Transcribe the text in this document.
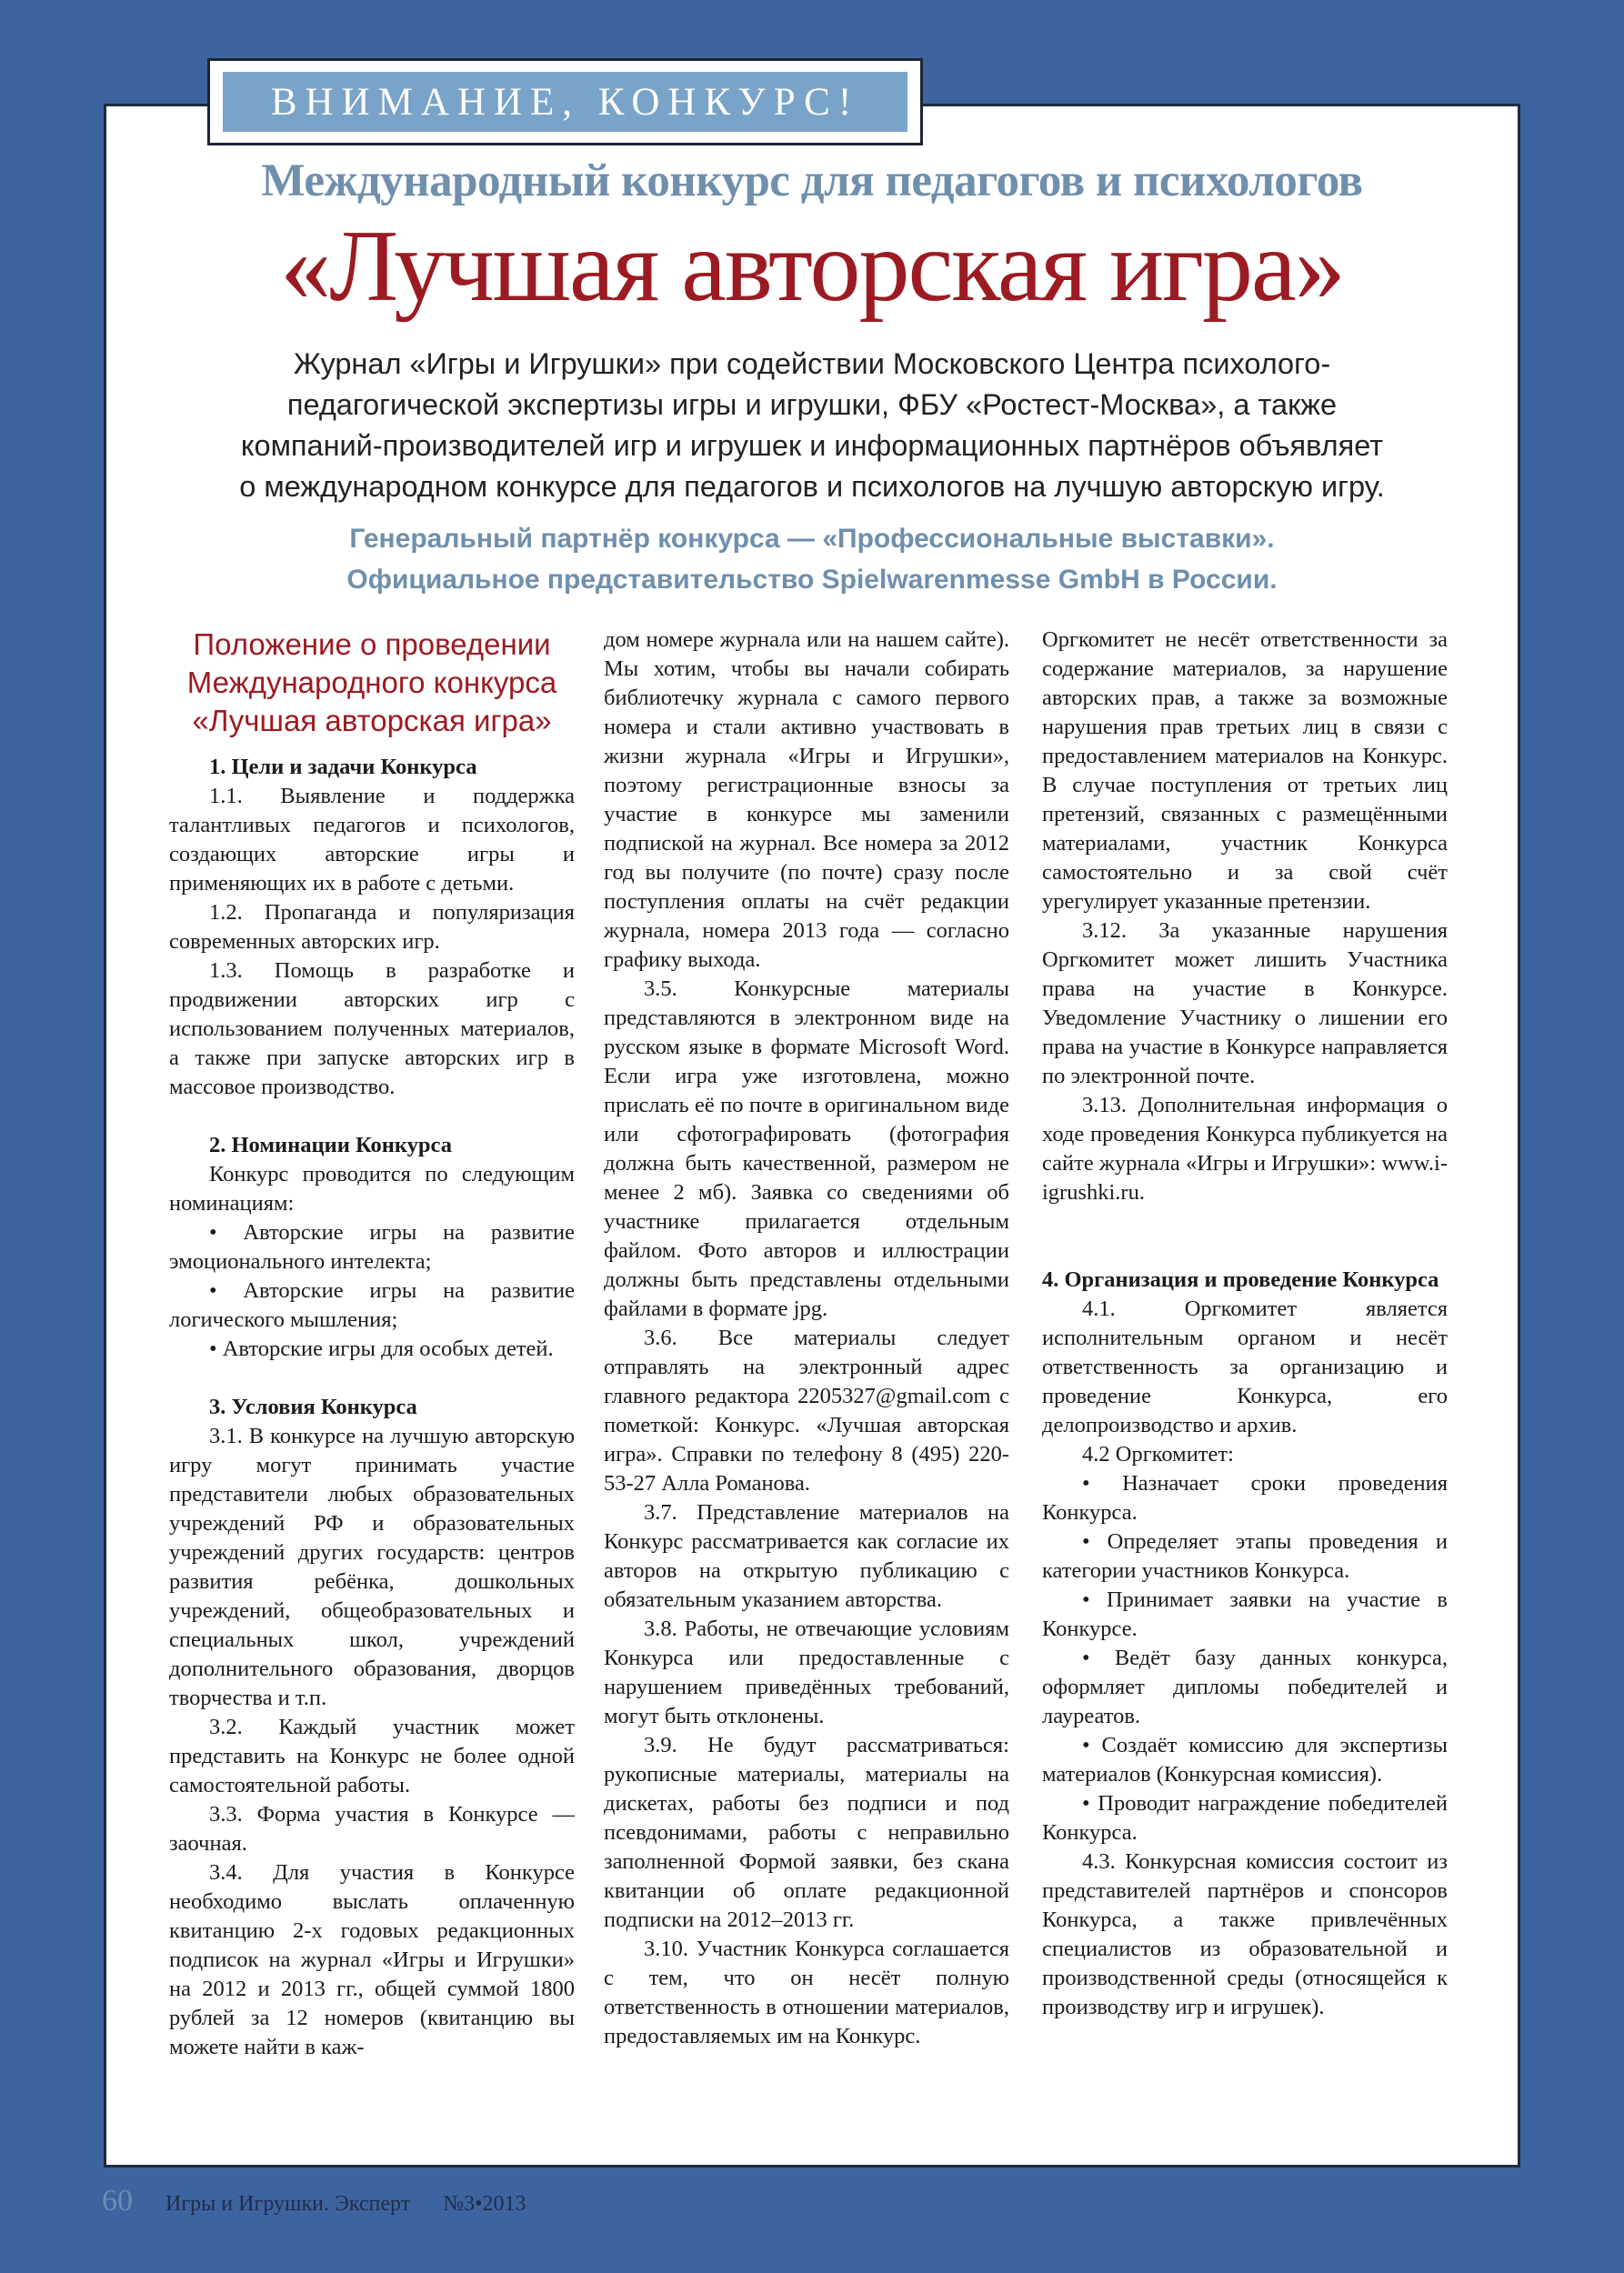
ВНИМАНИЕ, КОНКУРС!
Международный конкурс для педагогов и психологов
«Лучшая авторская игра»
Журнал «Игры и Игрушки» при содействии Московского Центра психолого-
педагогической экспертизы игры и игрушки, ФБУ «Ростест-Москва», а также
компаний-производителей игр и игрушек и информационных партнёров объявляет
о международном конкурсе для педагогов и психологов на лучшую авторскую игру.
Генеральный партнёр конкурса — «Профессиональные выставки».
Официальное представительство Spielwarenmesse GmbH в России.
Положение о проведении Международного конкурса «Лучшая авторская игра»
1. Цели и задачи Конкурса

1.1. Выявление и поддержка талантливых педагогов и психологов, создающих авторские игры и применяющих их в работе с детьми.

1.2. Пропаганда и популяризация современных авторских игр.

1.3. Помощь в разработке и продвижении авторских игр с использованием полученных материалов, а также при запуске авторских игр в массовое производство.

2. Номинации Конкурса

Конкурс проводится по следующим номинациям:

• Авторские игры на развитие эмоционального интелекта;

• Авторские игры на развитие логического мышления;

• Авторские игры для особых детей.

3. Условия Конкурса

3.1. В конкурсе на лучшую авторскую игру могут принимать участие представители любых образовательных учреждений РФ и образовательных учреждений других государств: центров развития ребёнка, дошкольных учреждений, общеобразовательных и специальных школ, учреждений дополнительного образования, дворцов творчества и т.п.

3.2. Каждый участник может представить на Конкурс не более одной самостоятельной работы.

3.3. Форма участия в Конкурсе — заочная.

3.4. Для участия в Конкурсе необходимо выслать оплаченную квитанцию 2-х годовых редакционных подписок на журнал «Игры и Игрушки» на 2012 и 2013 гг., общей суммой 1800 рублей за 12 номеров (квитанцию вы можете найти в каж-

дом номере журнала или на нашем сайте). Мы хотим, чтобы вы начали собирать библиотечку журнала с самого первого номера и стали активно участвовать в жизни журнала «Игры и Игрушки», поэтому регистрационные взносы за участие в конкурсе мы заменили подпиской на журнал. Все номера за 2012 год вы получите (по почте) сразу после поступления оплаты на счёт редакции журнала, номера 2013 года — согласно графику выхода.

3.5. Конкурсные материалы представляются в электронном виде на русском языке в формате Microsoft Word. Если игра уже изготовлена, можно прислать её по почте в оригинальном виде или сфотографировать (фотография должна быть качественной, размером не менее 2 мб). Заявка со сведениями об участнике прилагается отдельным файлом. Фото авторов и иллюстрации должны быть представлены отдельными файлами в формате jpg.

3.6. Все материалы следует отправлять на электронный адрес главного редактора 2205327@gmail.com с пометкой: Конкурс. «Лучшая авторская игра». Справки по телефону 8 (495) 220-53-27 Алла Романова.

3.7. Представление материалов на Конкурс рассматривается как согласие их авторов на открытую публикацию с обязательным указанием авторства.

3.8. Работы, не отвечающие условиям Конкурса или предоставленные с нарушением приведённых требований, могут быть отклонены.

3.9. Не будут рассматриваться: рукописные материалы, материалы на дискетах, работы без подписи и под псевдонимами, работы с неправильно заполненной Формой заявки, без скана квитанции об оплате редакционной подписки на 2012–2013 гг.

3.10. Участник Конкурса соглашается с тем, что он несёт полную ответственность в отношении материалов, предоставляемых им на Конкурс.

Оргкомитет не несёт ответственности за содержание материалов, за нарушение авторских прав, а также за возможные нарушения прав третьих лиц в связи с предоставлением материалов на Конкурс. В случае поступления от третьих лиц претензий, связанных с размещёнными материалами, участник Конкурса самостоятельно и за свой счёт урегулирует указанные претензии.

3.12. За указанные нарушения Оргкомитет может лишить Участника права на участие в Конкурсе. Уведомление Участнику о лишении его права на участие в Конкурсе направляется по электронной почте.

3.13. Дополнительная информация о ходе проведения Конкурса публикуется на сайте журнала «Игры и Игрушки»: www.i-igrushki.ru.

4. Организация и проведение Конкурса

4.1. Оргкомитет является исполнительным органом и несёт ответственность за организацию и проведение Конкурса, его делопроизводство и архив.

4.2 Оргкомитет:

• Назначает сроки проведения Конкурса.

• Определяет этапы проведения и категории участников Конкурса.

• Принимает заявки на участие в Конкурсе.

• Ведёт базу данных конкурса, оформляет дипломы победителей и лауреатов.

• Создаёт комиссию для экспертизы материалов (Конкурсная комиссия).

• Проводит награждение победителей Конкурса.

4.3. Конкурсная комиссия состоит из представителей партнёров и спонсоров Конкурса, а также привлечённых специалистов из образовательной и производственной среды (относящейся к производству игр и игрушек).

60 Игры и Игрушки. Эксперт №3•2013
